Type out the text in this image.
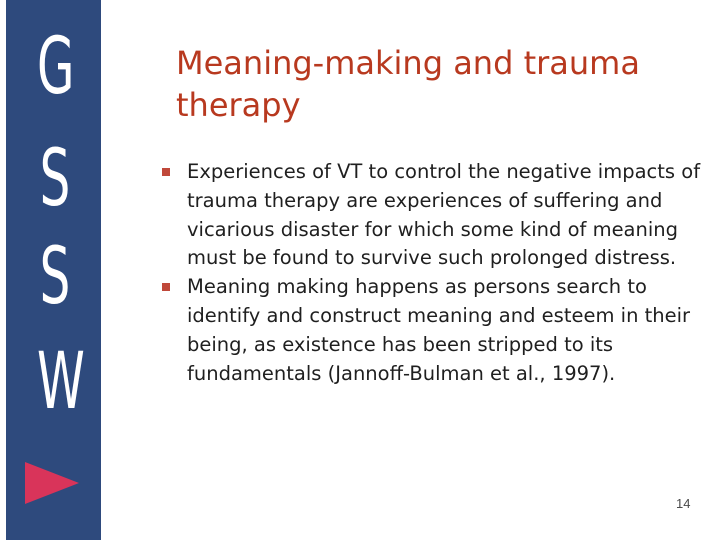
G
S
S
W
Meaning-making and trauma therapy
Experiences of VT to control the negative impacts of trauma therapy are experiences of suffering and vicarious disaster for which some kind of meaning must be found to survive such prolonged distress.
Meaning making happens as persons search to identify and construct meaning and esteem in their being, as existence has been stripped to its fundamentals (Jannoff-Bulman et al., 1997).
14
